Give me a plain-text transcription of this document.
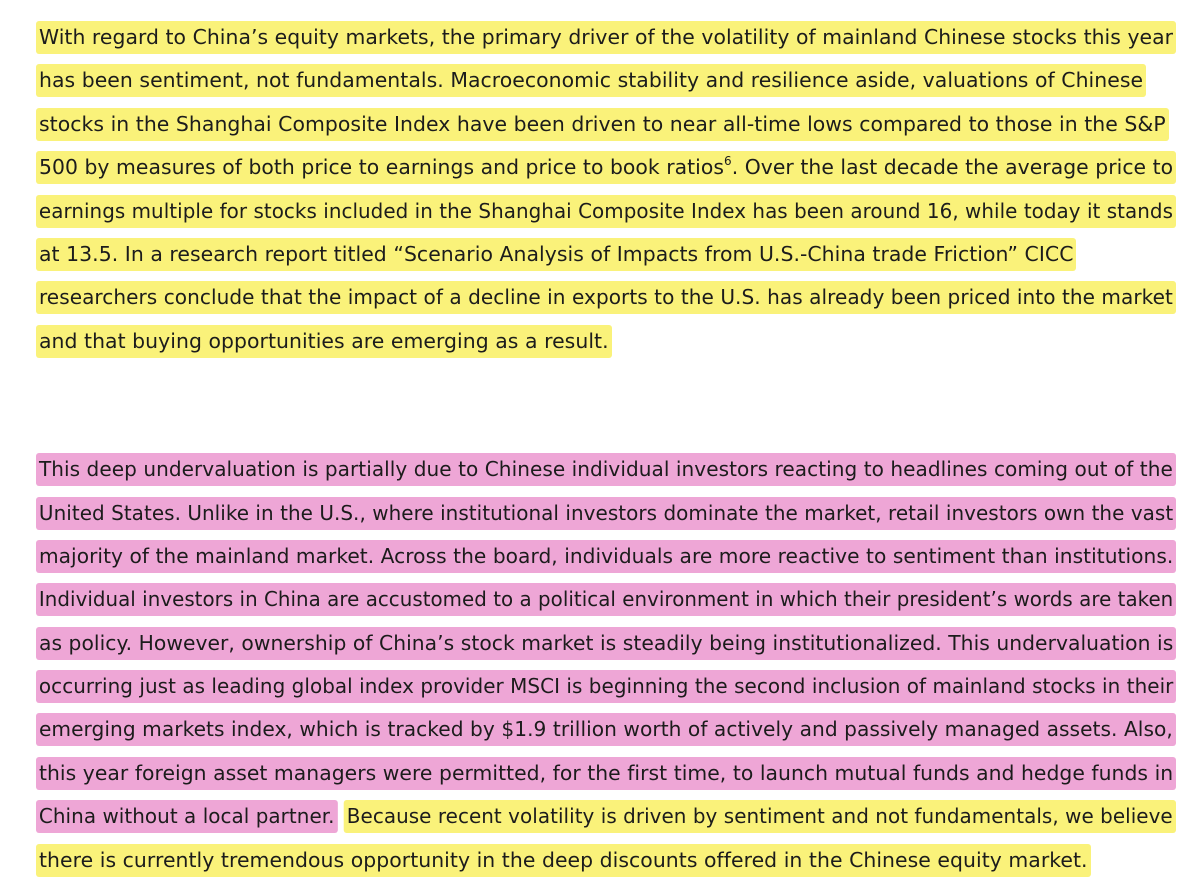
With regard to China’s equity markets, the primary driver of the volatility of mainland Chinese stocks this year
has been sentiment, not fundamentals. Macroeconomic stability and resilience aside, valuations of Chinese
stocks in the Shanghai Composite Index have been driven to near all-time lows compared to those in the S&P
500 by measures of both price to earnings and price to book ratios$^6$. Over the last decade the average price to
earnings multiple for stocks included in the Shanghai Composite Index has been around 16, while today it stands
at 13.5. In a research report titled “Scenario Analysis of Impacts from U.S.-China trade Friction” CICC
researchers conclude that the impact of a decline in exports to the U.S. has already been priced into the market
and that buying opportunities are emerging as a result.
This deep undervaluation is partially due to Chinese individual investors reacting to headlines coming out of the
United States. Unlike in the U.S., where institutional investors dominate the market, retail investors own the vast
majority of the mainland market. Across the board, individuals are more reactive to sentiment than institutions.
Individual investors in China are accustomed to a political environment in which their president’s words are taken
as policy. However, ownership of China’s stock market is steadily being institutionalized. This undervaluation is
occurring just as leading global index provider MSCI is beginning the second inclusion of mainland stocks in their
emerging markets index, which is tracked by $1.9 trillion worth of actively and passively managed assets. Also,
this year foreign asset managers were permitted, for the first time, to launch mutual funds and hedge funds in
China without a local partner. Because recent volatility is driven by sentiment and not fundamentals, we believe
there is currently tremendous opportunity in the deep discounts offered in the Chinese equity market.
